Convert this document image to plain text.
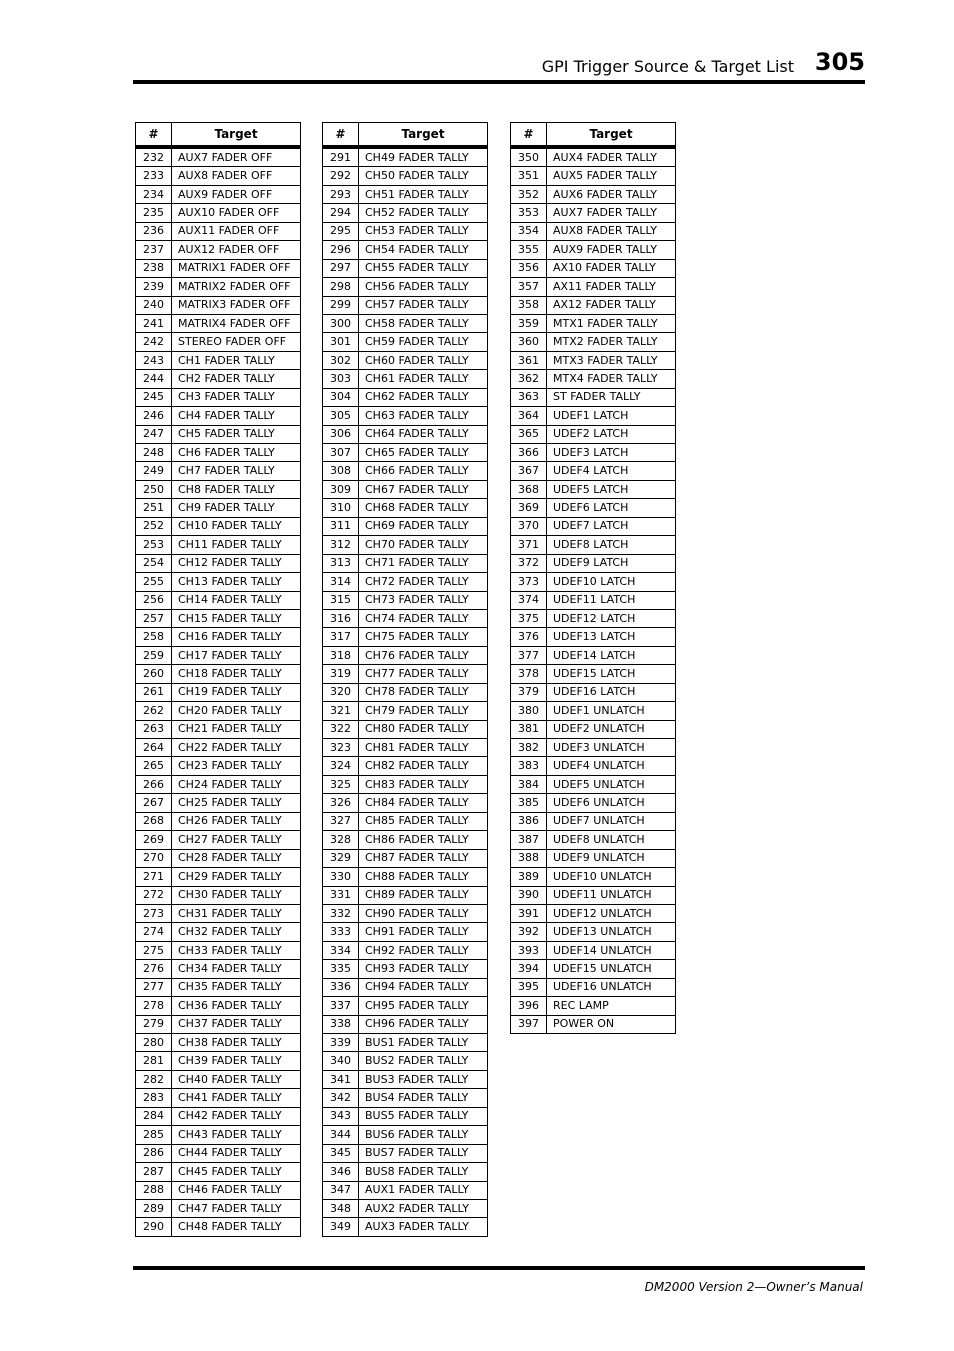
GPI Trigger Source & Target List 305
#	Target
232	AUX7 FADER OFF
233	AUX8 FADER OFF
234	AUX9 FADER OFF
235	AUX10 FADER OFF
236	AUX11 FADER OFF
237	AUX12 FADER OFF
238	MATRIX1 FADER OFF
239	MATRIX2 FADER OFF
240	MATRIX3 FADER OFF
241	MATRIX4 FADER OFF
242	STEREO FADER OFF
243	CH1 FADER TALLY
244	CH2 FADER TALLY
245	CH3 FADER TALLY
246	CH4 FADER TALLY
247	CH5 FADER TALLY
248	CH6 FADER TALLY
249	CH7 FADER TALLY
250	CH8 FADER TALLY
251	CH9 FADER TALLY
252	CH10 FADER TALLY
253	CH11 FADER TALLY
254	CH12 FADER TALLY
255	CH13 FADER TALLY
256	CH14 FADER TALLY
257	CH15 FADER TALLY
258	CH16 FADER TALLY
259	CH17 FADER TALLY
260	CH18 FADER TALLY
261	CH19 FADER TALLY
262	CH20 FADER TALLY
263	CH21 FADER TALLY
264	CH22 FADER TALLY
265	CH23 FADER TALLY
266	CH24 FADER TALLY
267	CH25 FADER TALLY
268	CH26 FADER TALLY
269	CH27 FADER TALLY
270	CH28 FADER TALLY
271	CH29 FADER TALLY
272	CH30 FADER TALLY
273	CH31 FADER TALLY
274	CH32 FADER TALLY
275	CH33 FADER TALLY
276	CH34 FADER TALLY
277	CH35 FADER TALLY
278	CH36 FADER TALLY
279	CH37 FADER TALLY
280	CH38 FADER TALLY
281	CH39 FADER TALLY
282	CH40 FADER TALLY
283	CH41 FADER TALLY
284	CH42 FADER TALLY
285	CH43 FADER TALLY
286	CH44 FADER TALLY
287	CH45 FADER TALLY
288	CH46 FADER TALLY
289	CH47 FADER TALLY
290	CH48 FADER TALLY
#	Target
291	CH49 FADER TALLY
292	CH50 FADER TALLY
293	CH51 FADER TALLY
294	CH52 FADER TALLY
295	CH53 FADER TALLY
296	CH54 FADER TALLY
297	CH55 FADER TALLY
298	CH56 FADER TALLY
299	CH57 FADER TALLY
300	CH58 FADER TALLY
301	CH59 FADER TALLY
302	CH60 FADER TALLY
303	CH61 FADER TALLY
304	CH62 FADER TALLY
305	CH63 FADER TALLY
306	CH64 FADER TALLY
307	CH65 FADER TALLY
308	CH66 FADER TALLY
309	CH67 FADER TALLY
310	CH68 FADER TALLY
311	CH69 FADER TALLY
312	CH70 FADER TALLY
313	CH71 FADER TALLY
314	CH72 FADER TALLY
315	CH73 FADER TALLY
316	CH74 FADER TALLY
317	CH75 FADER TALLY
318	CH76 FADER TALLY
319	CH77 FADER TALLY
320	CH78 FADER TALLY
321	CH79 FADER TALLY
322	CH80 FADER TALLY
323	CH81 FADER TALLY
324	CH82 FADER TALLY
325	CH83 FADER TALLY
326	CH84 FADER TALLY
327	CH85 FADER TALLY
328	CH86 FADER TALLY
329	CH87 FADER TALLY
330	CH88 FADER TALLY
331	CH89 FADER TALLY
332	CH90 FADER TALLY
333	CH91 FADER TALLY
334	CH92 FADER TALLY
335	CH93 FADER TALLY
336	CH94 FADER TALLY
337	CH95 FADER TALLY
338	CH96 FADER TALLY
339	BUS1 FADER TALLY
340	BUS2 FADER TALLY
341	BUS3 FADER TALLY
342	BUS4 FADER TALLY
343	BUS5 FADER TALLY
344	BUS6 FADER TALLY
345	BUS7 FADER TALLY
346	BUS8 FADER TALLY
347	AUX1 FADER TALLY
348	AUX2 FADER TALLY
349	AUX3 FADER TALLY
#	Target
350	AUX4 FADER TALLY
351	AUX5 FADER TALLY
352	AUX6 FADER TALLY
353	AUX7 FADER TALLY
354	AUX8 FADER TALLY
355	AUX9 FADER TALLY
356	AX10 FADER TALLY
357	AX11 FADER TALLY
358	AX12 FADER TALLY
359	MTX1 FADER TALLY
360	MTX2 FADER TALLY
361	MTX3 FADER TALLY
362	MTX4 FADER TALLY
363	ST FADER TALLY
364	UDEF1 LATCH
365	UDEF2 LATCH
366	UDEF3 LATCH
367	UDEF4 LATCH
368	UDEF5 LATCH
369	UDEF6 LATCH
370	UDEF7 LATCH
371	UDEF8 LATCH
372	UDEF9 LATCH
373	UDEF10 LATCH
374	UDEF11 LATCH
375	UDEF12 LATCH
376	UDEF13 LATCH
377	UDEF14 LATCH
378	UDEF15 LATCH
379	UDEF16 LATCH
380	UDEF1 UNLATCH
381	UDEF2 UNLATCH
382	UDEF3 UNLATCH
383	UDEF4 UNLATCH
384	UDEF5 UNLATCH
385	UDEF6 UNLATCH
386	UDEF7 UNLATCH
387	UDEF8 UNLATCH
388	UDEF9 UNLATCH
389	UDEF10 UNLATCH
390	UDEF11 UNLATCH
391	UDEF12 UNLATCH
392	UDEF13 UNLATCH
393	UDEF14 UNLATCH
394	UDEF15 UNLATCH
395	UDEF16 UNLATCH
396	REC LAMP
397	POWER ON
DM2000 Version 2—Owner’s Manual
